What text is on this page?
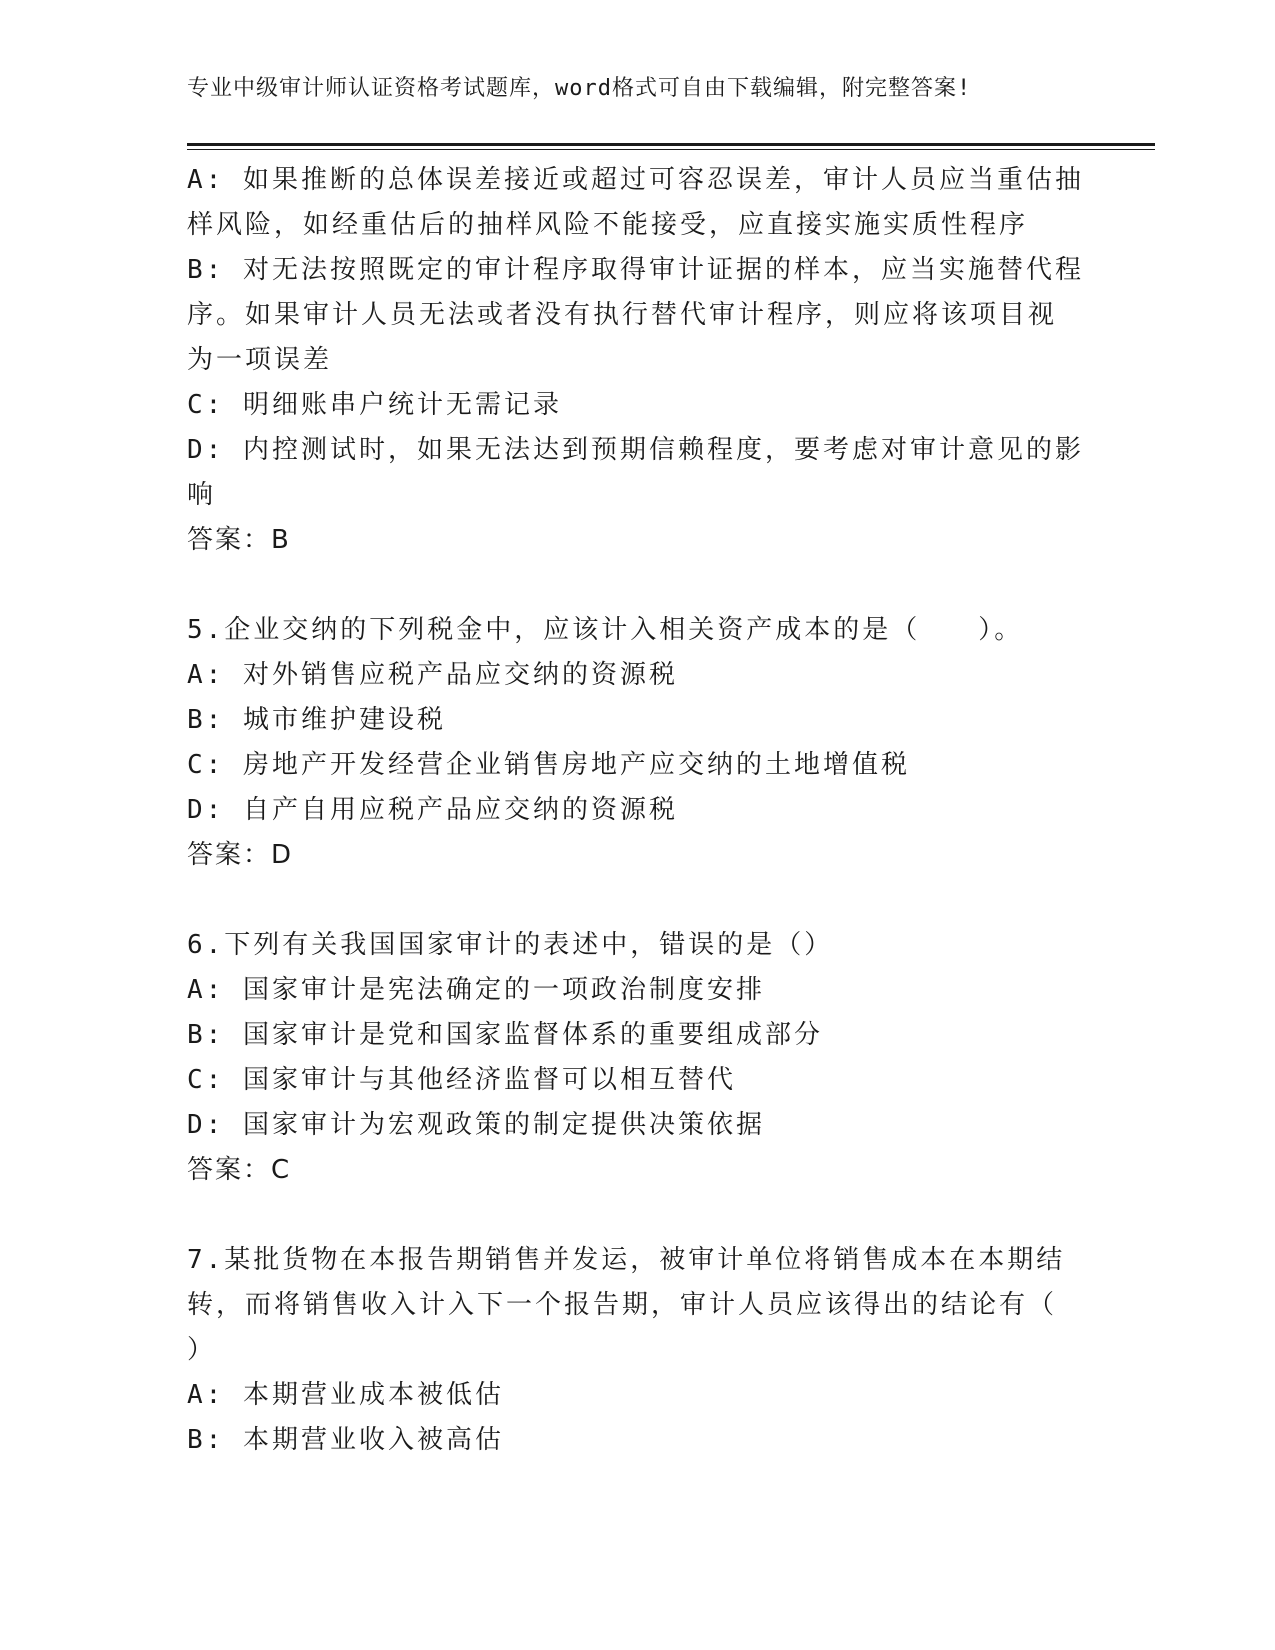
专业中级审计师认证资格考试题库，word格式可自由下载编辑，附完整答案!
A: 如果推断的总体误差接近或超过可容忍误差，审计人员应当重估抽
样风险，如经重估后的抽样风险不能接受，应直接实施实质性程序
B: 对无法按照既定的审计程序取得审计证据的样本，应当实施替代程
序。如果审计人员无法或者没有执行替代审计程序，则应将该项目视
为一项误差
C: 明细账串户统计无需记录
D: 内控测试时，如果无法达到预期信赖程度，要考虑对审计意见的影
响
答案：B
5.企业交纳的下列税金中，应该计入相关资产成本的是（　　）。
A: 对外销售应税产品应交纳的资源税
B: 城市维护建设税
C: 房地产开发经营企业销售房地产应交纳的土地增值税
D: 自产自用应税产品应交纳的资源税
答案：D
6.下列有关我国国家审计的表述中，错误的是（）
A: 国家审计是宪法确定的一项政治制度安排
B: 国家审计是党和国家监督体系的重要组成部分
C: 国家审计与其他经济监督可以相互替代
D: 国家审计为宏观政策的制定提供决策依据
答案：C
7.某批货物在本报告期销售并发运，被审计单位将销售成本在本期结
转，而将销售收入计入下一个报告期，审计人员应该得出的结论有（
）
A: 本期营业成本被低估
B: 本期营业收入被高估
